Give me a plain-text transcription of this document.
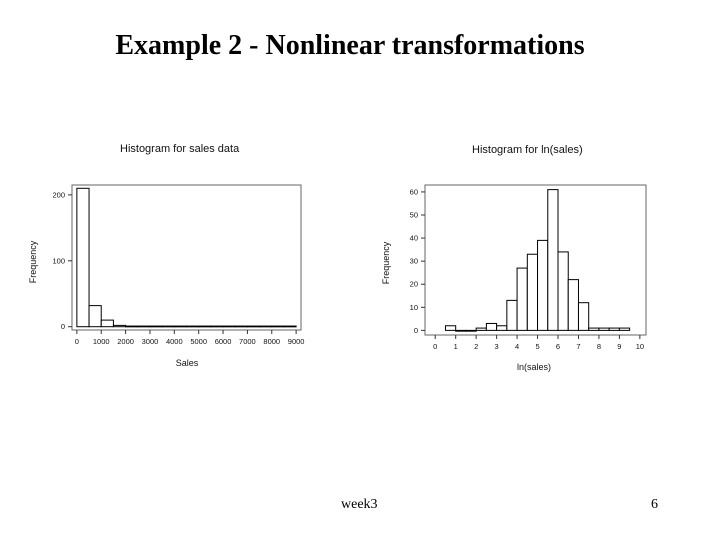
Example 2 - Nonlinear transformations
Histogram for sales data
Frequency
Sales
0 1000 2000 3000 4000 5000 6000 7000 8000 9000
0
100
200
Histogram for ln(sales)
Frequency
ln(sales)
0 1 2 3 4 5 6 7 8 9 10
0
10
20
30
40
50
60
week3	6
